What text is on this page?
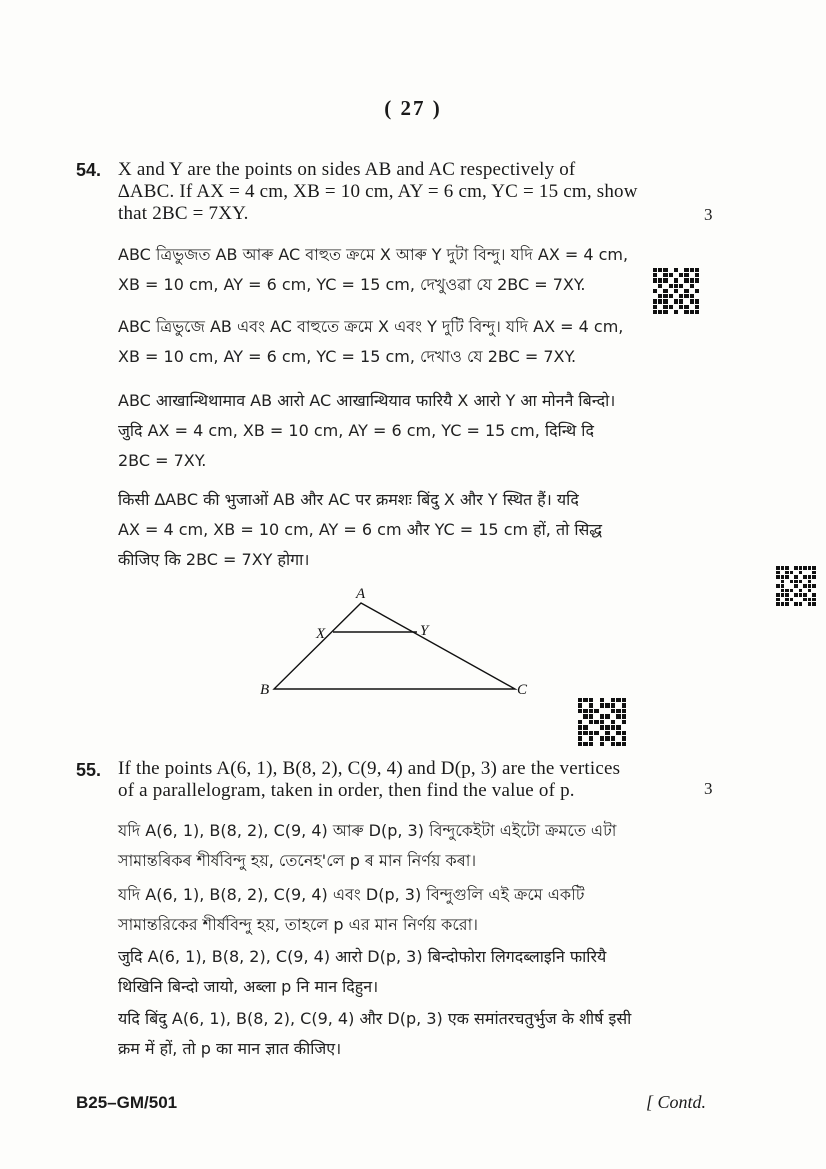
( 27 )
54. X and Y are the points on sides AB and AC respectively of
∆ABC. If AX = 4 cm, XB = 10 cm, AY = 6 cm, YC = 15 cm, show
that 2BC = 7XY.	3
ABC ত্ৰিভুজত AB আৰু AC বাহুত ক্ৰমে X আৰু Y দুটা বিন্দু। যদি AX = 4 cm,
XB = 10 cm, AY = 6 cm, YC = 15 cm, দেখুওৱা যে 2BC = 7XY.
ABC ত্রিভুজে AB এবং AC বাহুতে ক্রমে X এবং Y দুটি বিন্দু। যদি AX = 4 cm,
XB = 10 cm, AY = 6 cm, YC = 15 cm, দেখাও যে 2BC = 7XY.
ABC आखान्थिथामाव AB आरो AC आखान्थियाव फारियै X आरो Y आ मोननै बिन्दो।
जुदि AX = 4 cm, XB = 10 cm, AY = 6 cm, YC = 15 cm, दिन्थि दि
2BC = 7XY.
किसी ∆ABC की भुजाओं AB और AC पर क्रमशः बिंदु X और Y स्थित हैं। यदि
AX = 4 cm, XB = 10 cm, AY = 6 cm और YC = 15 cm हों, तो सिद्ध
कीजिए कि 2BC = 7XY होगा।
A
B	C
X	Y
55. If the points A(6, 1), B(8, 2), C(9, 4) and D(p, 3) are the vertices
of a parallelogram, taken in order, then find the value of p.	3
যদি A(6, 1), B(8, 2), C(9, 4) আৰু D(p, 3) বিন্দুকেইটা এইটো ক্ৰমতে এটা
সামান্তৰিকৰ শীৰ্ষবিন্দু হয়, তেনেহ'লে p ৰ মান নিৰ্ণয় কৰা।
যদি A(6, 1), B(8, 2), C(9, 4) এবং D(p, 3) বিন্দুগুলি এই ক্রমে একটি
সামান্তরিকের শীর্ষবিন্দু হয়, তাহলে p এর মান নির্ণয় করো।
जुदि A(6, 1), B(8, 2), C(9, 4) आरो D(p, 3) बिन्दोफोरा लिगदब्लाइनि फारियै
थिखिनि बिन्दो जायो, अब्ला p नि मान दिहुन।
यदि बिंदु A(6, 1), B(8, 2), C(9, 4) और D(p, 3) एक समांतरचतुर्भुज के शीर्ष इसी
क्रम में हों, तो p का मान ज्ञात कीजिए।
B25–GM/501	[ Contd.
